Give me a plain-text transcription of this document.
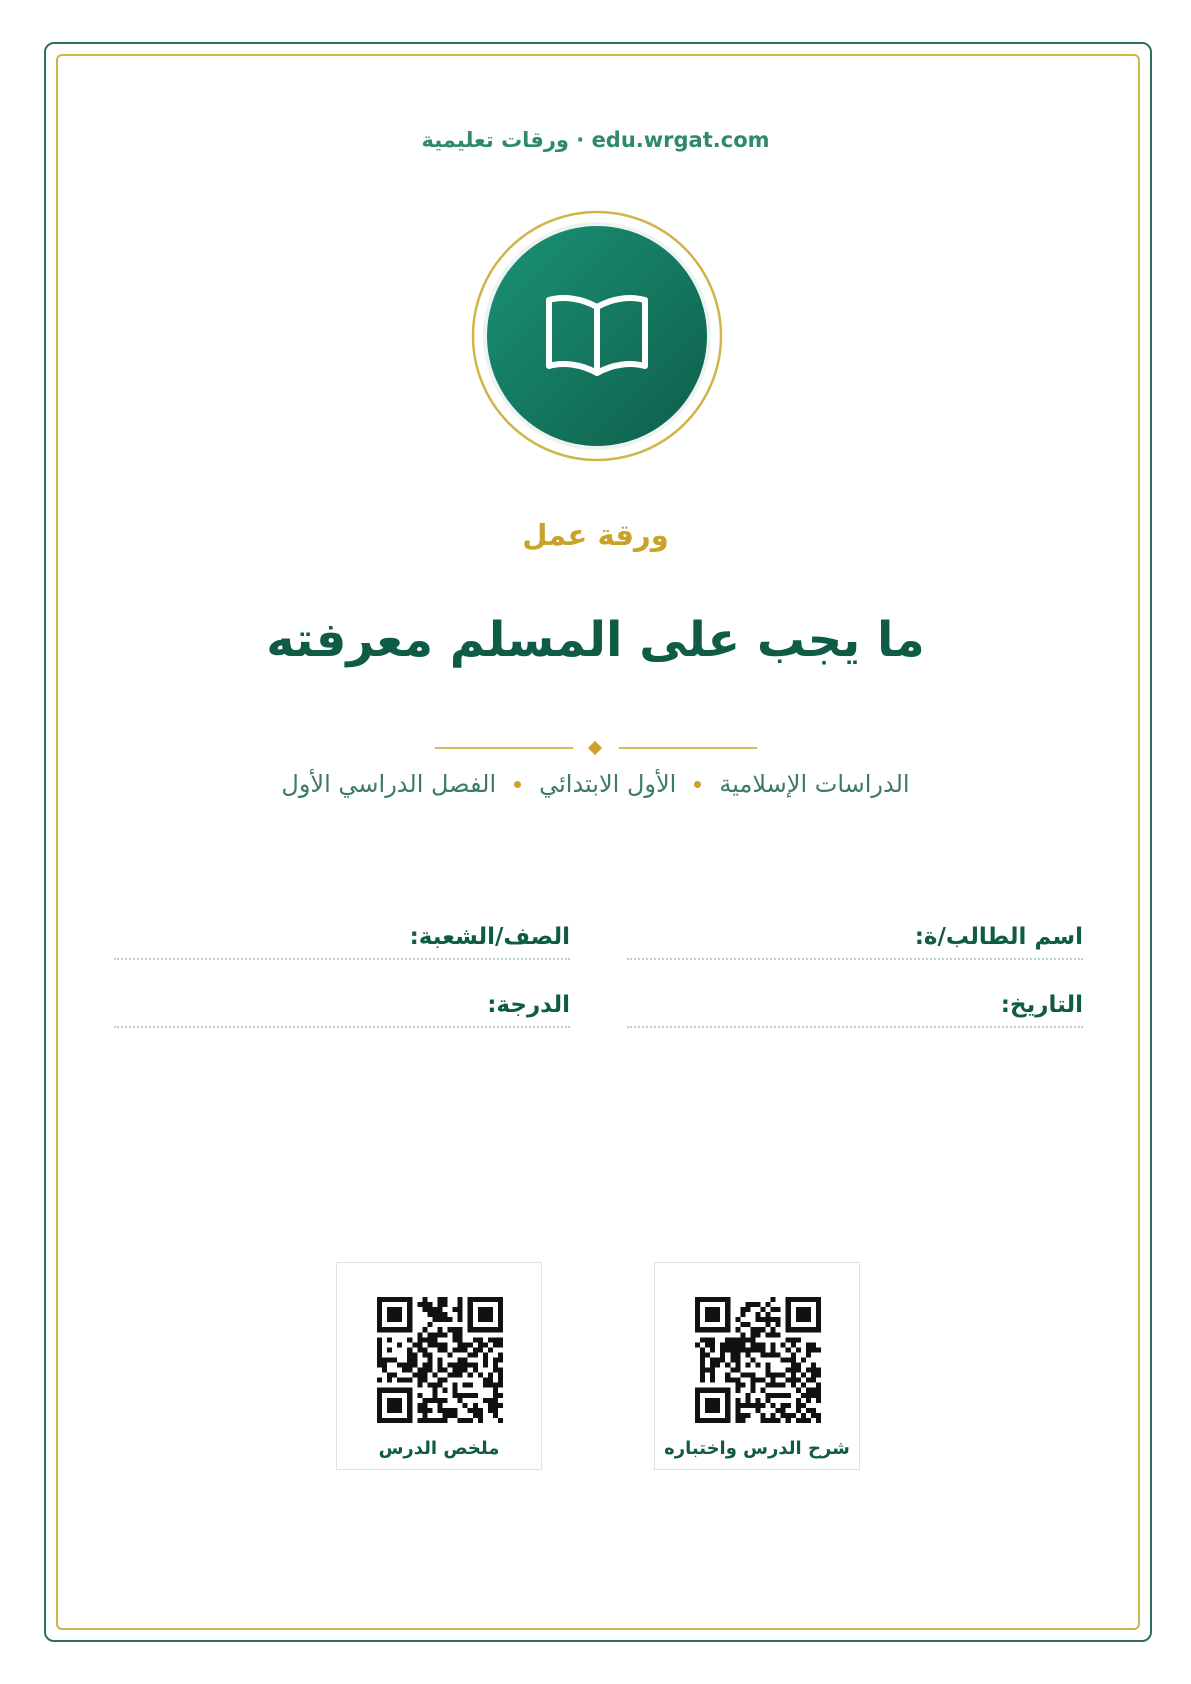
edu.wrgat.com · ورقات تعليمية
ورقة عمل
ما يجب على المسلم معرفته
الدراسات الإسلامية
الأول الابتدائي
الفصل الدراسي الأول
اسم الطالب/ة:
الصف/الشعبة:
التاريخ:
الدرجة:
شرح الدرس واختباره
ملخص الدرس
